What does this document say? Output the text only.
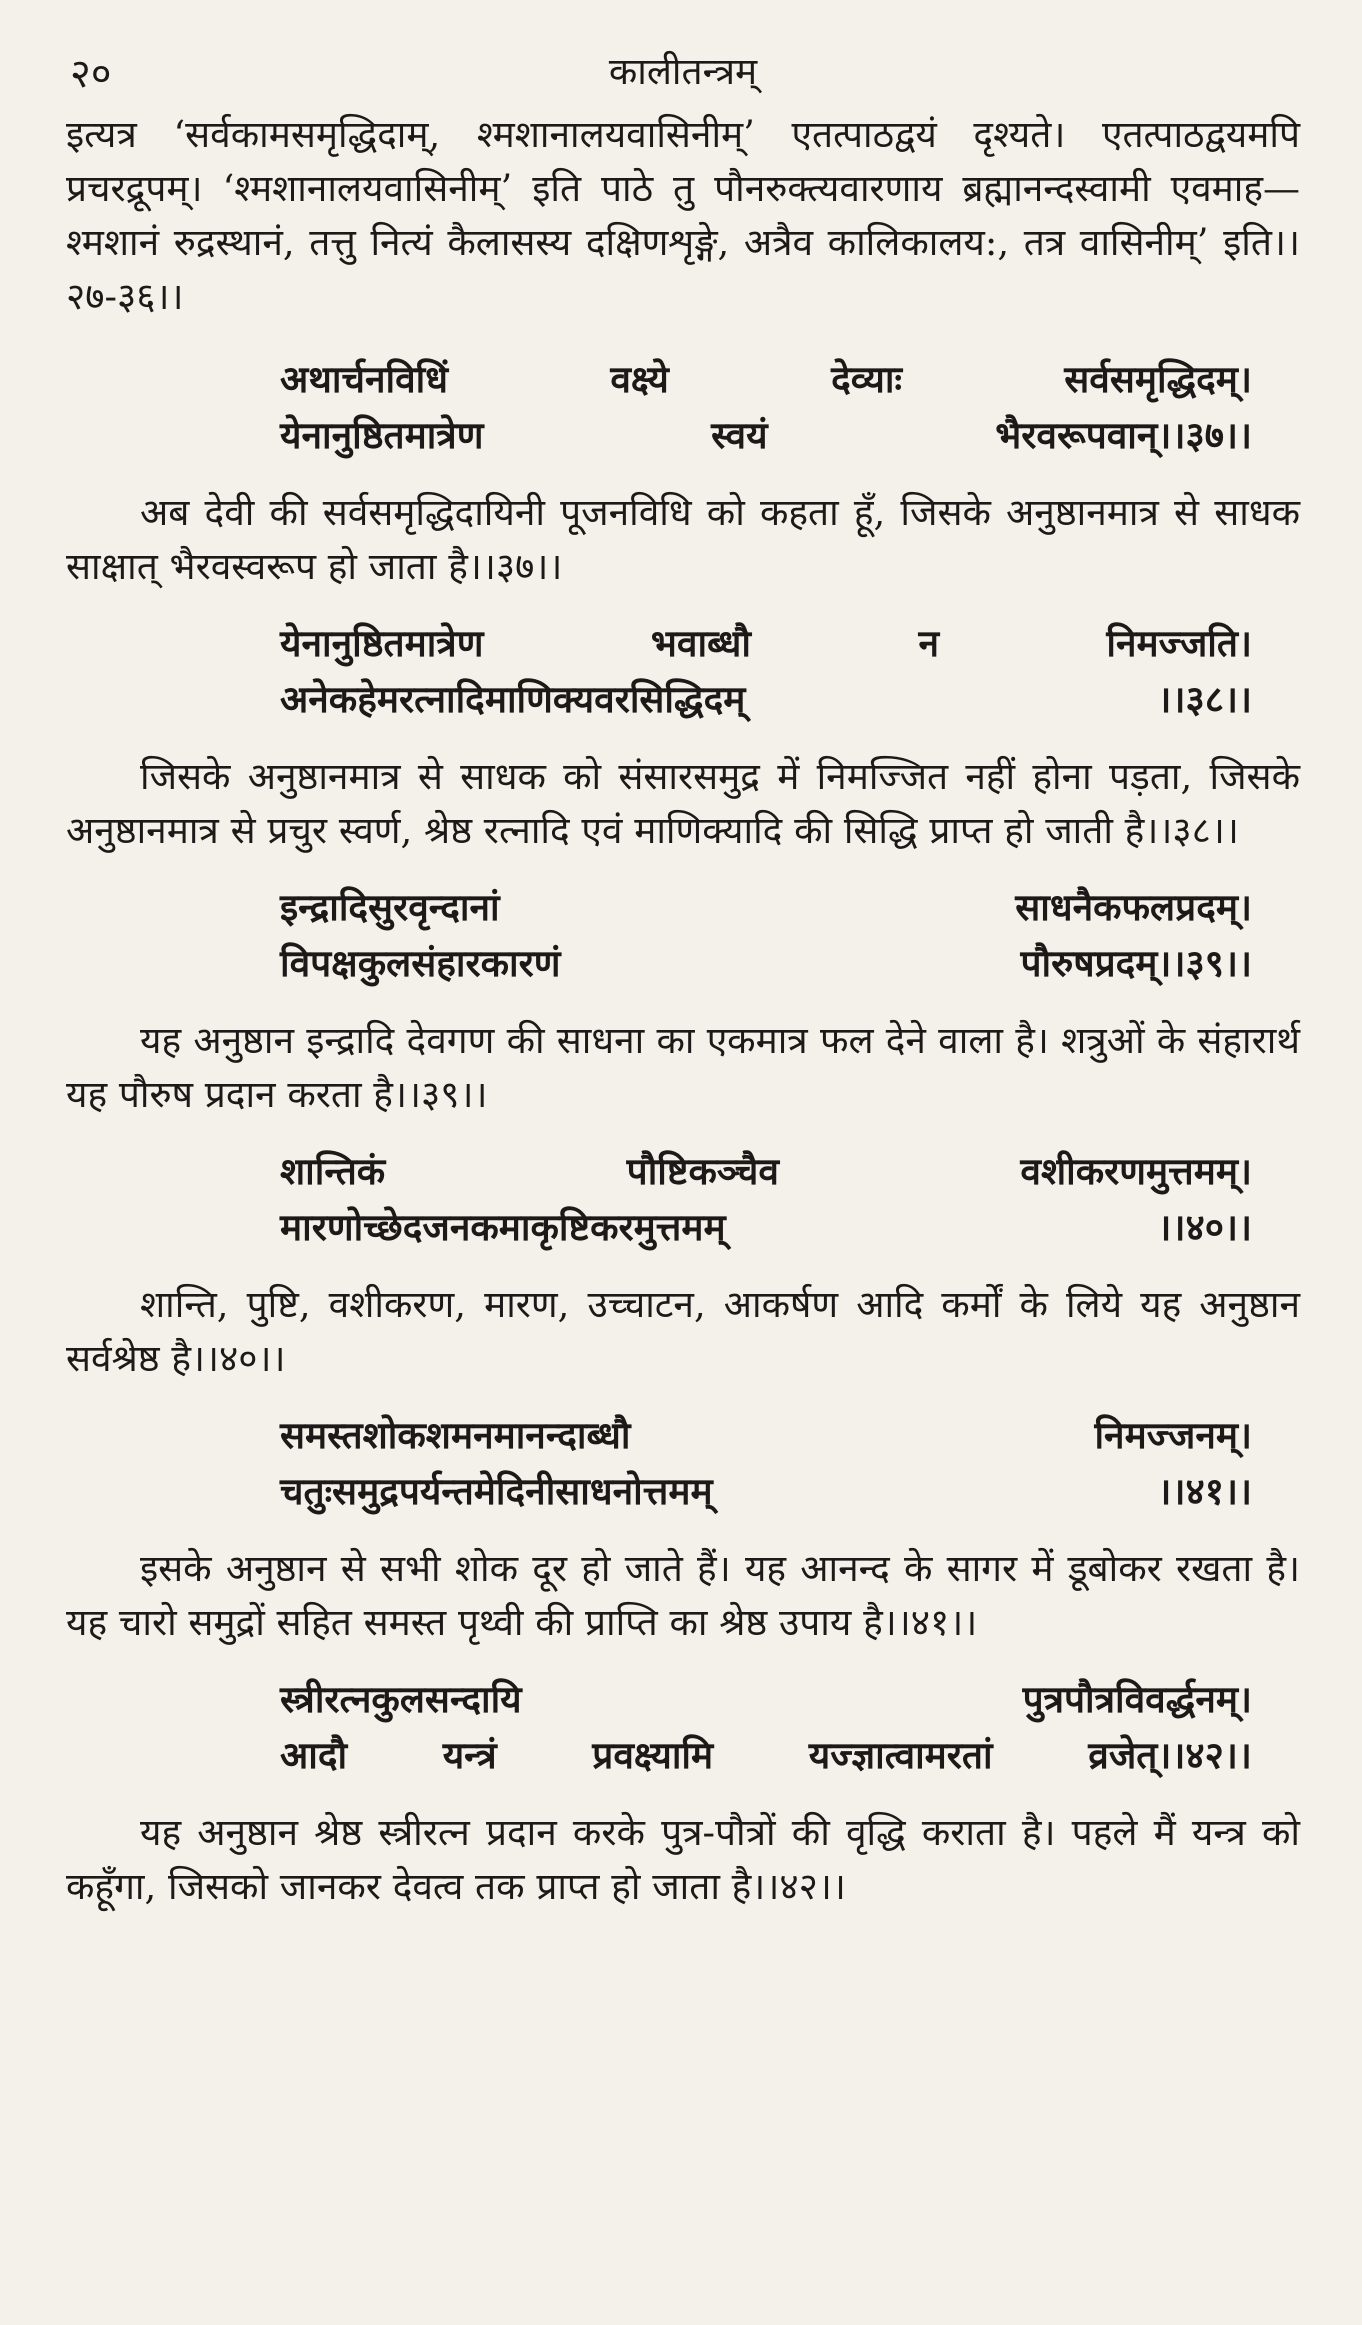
२०	कालीतन्त्रम्

इत्यत्र ‘सर्वकामसमृद्धिदाम्, श्मशानालयवासिनीम्’ एतत्पाठद्वयं दृश्यते। एतत्पाठद्वयमपि प्रचरद्रूपम्। ‘श्मशानालयवासिनीम्’ इति पाठे तु पौनरुक्त्यवारणाय ब्रह्मानन्दस्वामी एवमाह— श्मशानं रुद्रस्थानं, तत्तु नित्यं कैलासस्य दक्षिणशृङ्गे, अत्रैव कालिकालय:, तत्र वासिनीम्’ इति।।२७-३६।।

अथार्चनविधिं	वक्ष्ये	देव्याः	सर्वसमृद्धिदम्।
येनानुष्ठितमात्रेण	स्वयं	भैरवरूपवान्।।३७।।

अब देवी की सर्वसमृद्धिदायिनी पूजनविधि को कहता हूँ, जिसके अनुष्ठानमात्र से साधक साक्षात् भैरवस्वरूप हो जाता है।।३७।।

येनानुष्ठितमात्रेण	भवाब्धौ	न	निमज्जति।
अनेकहेमरत्नादिमाणिक्यवरसिद्धिदम्	।।३८।।

जिसके अनुष्ठानमात्र से साधक को संसारसमुद्र में निमज्जित नहीं होना पड़ता, जिसके अनुष्ठानमात्र से प्रचुर स्वर्ण, श्रेष्ठ रत्नादि एवं माणिक्यादि की सिद्धि प्राप्त हो जाती है।।३८।।

इन्द्रादिसुरवृन्दानां	साधनैकफलप्रदम्।
विपक्षकुलसंहारकारणं	पौरुषप्रदम्।।३९।।

यह अनुष्ठान इन्द्रादि देवगण की साधना का एकमात्र फल देने वाला है। शत्रुओं के संहारार्थ यह पौरुष प्रदान करता है।।३९।।

शान्तिकं	पौष्टिकञ्चैव	वशीकरणमुत्तमम्।
मारणोच्छेदजनकमाकृष्टिकरमुत्तमम्	।।४०।।

शान्ति, पुष्टि, वशीकरण, मारण, उच्चाटन, आकर्षण आदि कर्मों के लिये यह अनुष्ठान सर्वश्रेष्ठ है।।४०।।

समस्तशोकशमनमानन्दाब्धौ	निमज्जनम्।
चतुःसमुद्रपर्यन्तमेदिनीसाधनोत्तमम्	।।४१।।

इसके अनुष्ठान से सभी शोक दूर हो जाते हैं। यह आनन्द के सागर में डूबोकर रखता है। यह चारो समुद्रों सहित समस्त पृथ्वी की प्राप्ति का श्रेष्ठ उपाय है।।४१।।

स्त्रीरत्नकुलसन्दायि	पुत्रपौत्रविवर्द्धनम्।
आदौ	यन्त्रं	प्रवक्ष्यामि	यज्ज्ञात्वामरतां	व्रजेत्।।४२।।

यह अनुष्ठान श्रेष्ठ स्त्रीरत्न प्रदान करके पुत्र-पौत्रों की वृद्धि कराता है। पहले मैं यन्त्र को कहूँगा, जिसको जानकर देवत्व तक प्राप्त हो जाता है।।४२।।
